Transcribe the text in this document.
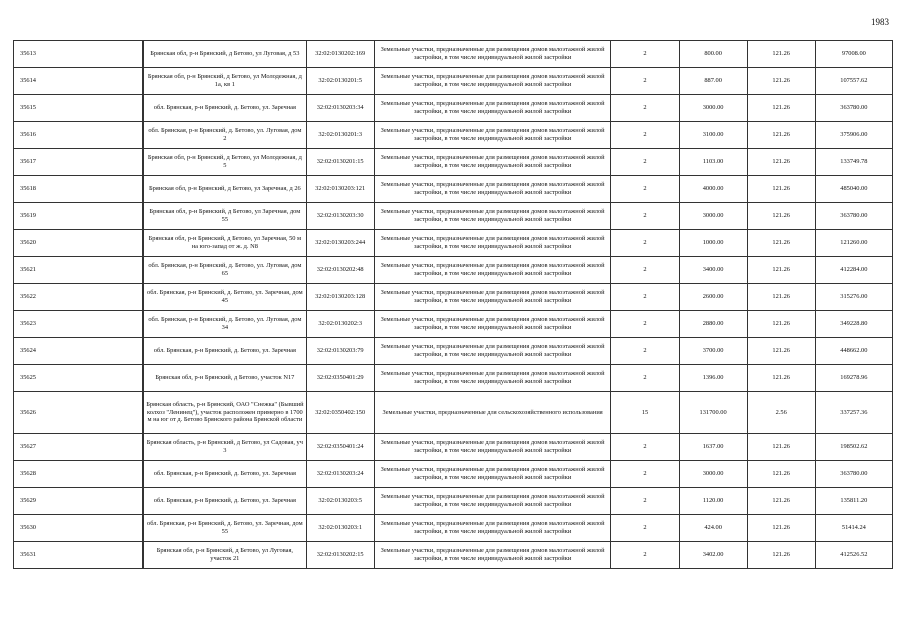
1983
35613		Брянская обл, р-н Брянский, д Бетово, ул Луговая, д 53	32:02:0130202:169	Земельные участки, предназначенные для размещения домов малоэтажной жилой застройки, в том числе индивидуальной жилой застройки	2	800.00	121.26	97008.00
35614		Брянская обл, р-н Брянский, д Бетово, ул Молодежная, д 1а, кв 1	32:02:0130201:5	Земельные участки, предназначенные для размещения домов малоэтажной жилой застройки, в том числе индивидуальной жилой застройки	2	887.00	121.26	107557.62
35615		обл. Брянская, р-н Брянский, д. Бетово, ул. Заречная	32:02:0130203:34	Земельные участки, предназначенные для размещения домов малоэтажной жилой застройки, в том числе индивидуальной жилой застройки	2	3000.00	121.26	363780.00
35616		обл. Брянская, р-н Брянский, д. Бетово, ул. Луговая, дом 2	32:02:0130201:3	Земельные участки, предназначенные для размещения домов малоэтажной жилой застройки, в том числе индивидуальной жилой застройки	2	3100.00	121.26	375906.00
35617		Брянская обл, р-н Брянский, д Бетово, ул Молодежная, д 5	32:02:0130201:15	Земельные участки, предназначенные для размещения домов малоэтажной жилой застройки, в том числе индивидуальной жилой застройки	2	1103.00	121.26	133749.78
35618		Брянская обл, р-н Брянский, д Бетово, ул Заречная, д 26	32:02:0130203:121	Земельные участки, предназначенные для размещения домов малоэтажной жилой застройки, в том числе индивидуальной жилой застройки	2	4000.00	121.26	485040.00
35619		Брянская обл, р-н Брянский, д Бетово, ул Заречная, дом 55	32:02:0130203:30	Земельные участки, предназначенные для размещения домов малоэтажной жилой застройки, в том числе индивидуальной жилой застройки	2	3000.00	121.26	363780.00
35620		Брянская обл, р-н Брянский, д Бетово, ул Заречная, 50 м на юго-запад от ж. д. N8	32:02:0130203:244	Земельные участки, предназначенные для размещения домов малоэтажной жилой застройки, в том числе индивидуальной жилой застройки	2	1000.00	121.26	121260.00
35621		обл. Брянская, р-н Брянский, д. Бетово, ул. Луговая, дом 65	32:02:0130202:48	Земельные участки, предназначенные для размещения домов малоэтажной жилой застройки, в том числе индивидуальной жилой застройки	2	3400.00	121.26	412284.00
35622		обл. Брянская, р-н Брянский, д. Бетово, ул. Заречная, дом 45	32:02:0130203:128	Земельные участки, предназначенные для размещения домов малоэтажной жилой застройки, в том числе индивидуальной жилой застройки	2	2600.00	121.26	315276.00
35623		обл. Брянская, р-н Брянский, д. Бетово, ул. Луговая, дом 34	32:02:0130202:3	Земельные участки, предназначенные для размещения домов малоэтажной жилой застройки, в том числе индивидуальной жилой застройки	2	2880.00	121.26	349228.80
35624		обл. Брянская, р-н Брянский, д. Бетово, ул. Заречная	32:02:0130203:79	Земельные участки, предназначенные для размещения домов малоэтажной жилой застройки, в том числе индивидуальной жилой застройки	2	3700.00	121.26	448662.00
35625		Брянская обл, р-н Брянский, д Бетово, участок N17	32:02:0350401:29	Земельные участки, предназначенные для размещения домов малоэтажной жилой застройки, в том числе индивидуальной жилой застройки	2	1396.00	121.26	169278.96
35626		Брянская область, р-н Брянский, ОАО "Снежка" (Бывший колхоз "Ленинец"), участок расположен примерно в 1700 м на юг от д. Бетово Брянского района Брянской области	32:02:0350402:150	Земельные участки, предназначенные для сельскохозяйственного использования	15	131700.00	2.56	337257.36
35627		Брянская область, р-н Брянский, д Бетово, ул Садовая, уч 3	32:02:0350401:24	Земельные участки, предназначенные для размещения домов малоэтажной жилой застройки, в том числе индивидуальной жилой застройки	2	1637.00	121.26	198502.62
35628		обл. Брянская, р-н Брянский, д. Бетово, ул. Заречная	32:02:0130203:24	Земельные участки, предназначенные для размещения домов малоэтажной жилой застройки, в том числе индивидуальной жилой застройки	2	3000.00	121.26	363780.00
35629		обл. Брянская, р-н Брянский, д. Бетово, ул. Заречная	32:02:0130203:5	Земельные участки, предназначенные для размещения домов малоэтажной жилой застройки, в том числе индивидуальной жилой застройки	2	1120.00	121.26	135811.20
35630		обл. Брянская, р-н Брянский, д. Бетово, ул. Заречная, дом 55	32:02:0130203:1	Земельные участки, предназначенные для размещения домов малоэтажной жилой застройки, в том числе индивидуальной жилой застройки	2	424.00	121.26	51414.24
35631		Брянская обл, р-н Брянский, д Бетово, ул Луговая, участок 21	32:02:0130202:15	Земельные участки, предназначенные для размещения домов малоэтажной жилой застройки, в том числе индивидуальной жилой застройки	2	3402.00	121.26	412526.52
